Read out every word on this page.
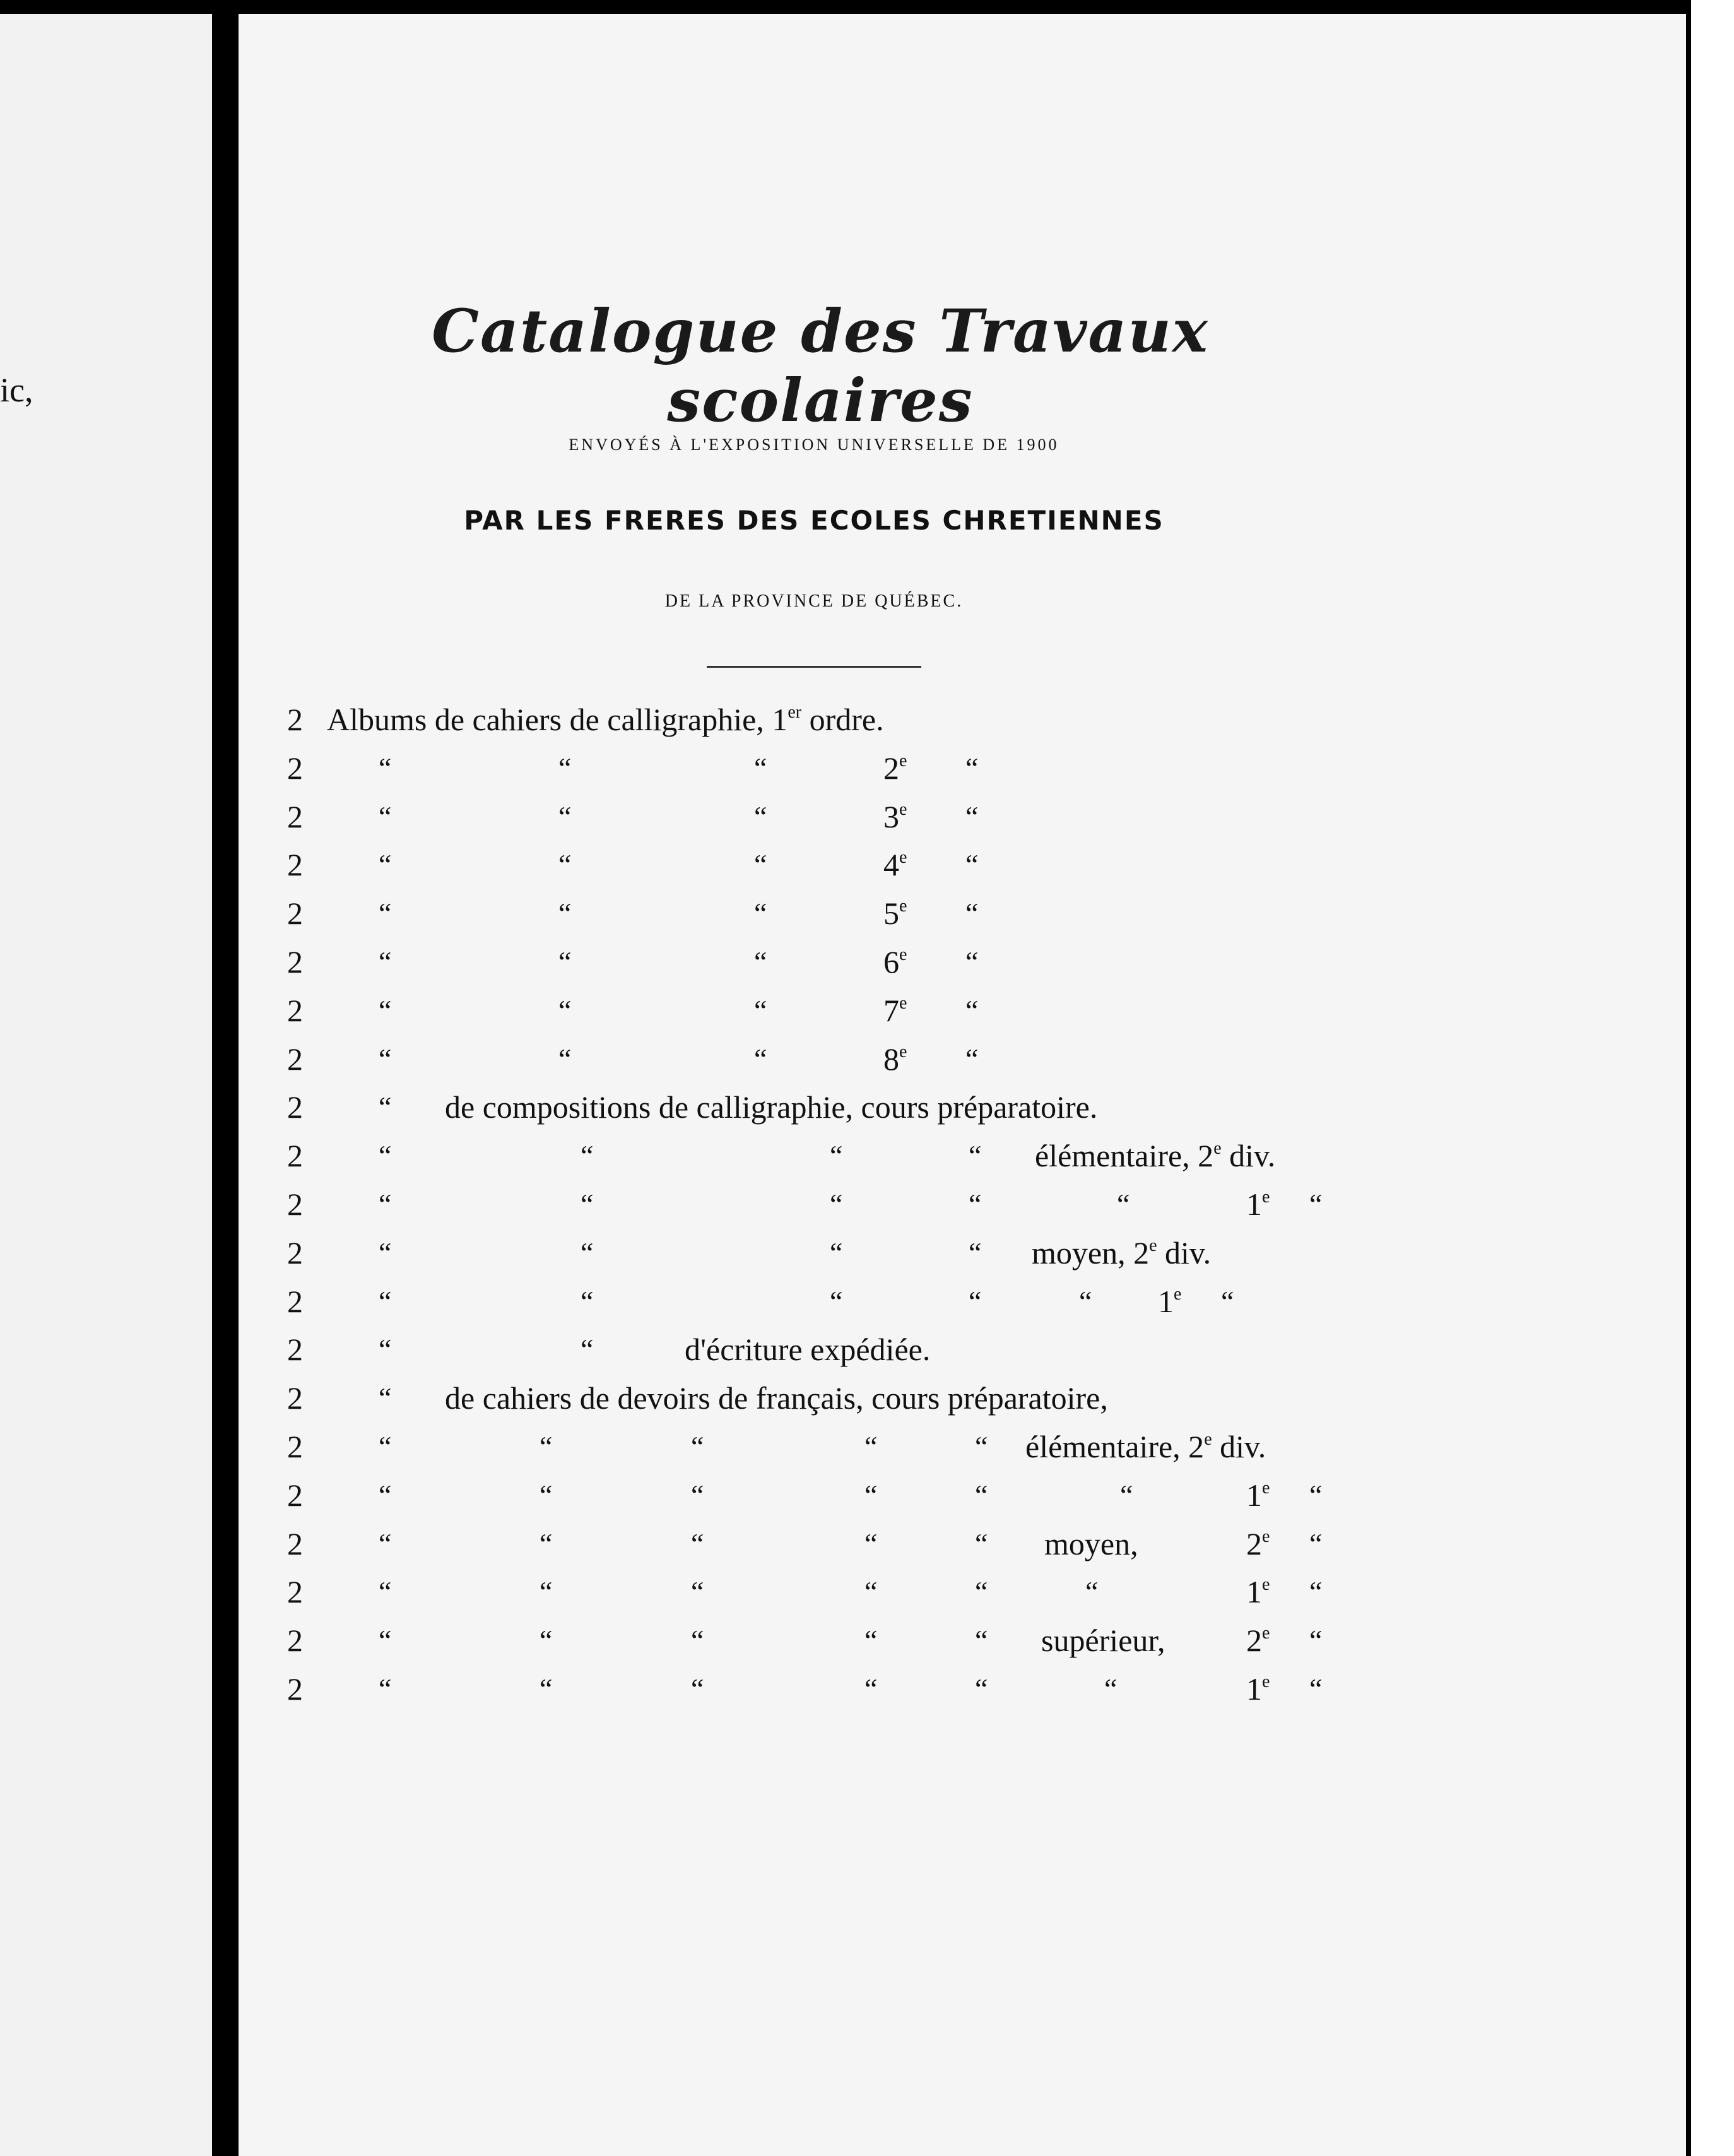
ic,
Catalogue des Travaux scolaires
ENVOYÉS À L'EXPOSITION UNIVERSELLE DE 1900
PAR LES FRERES DES ECOLES CHRETIENNES
DE LA PROVINCE DE QUÉBEC.
2 Albums de cahiers de calligraphie, 1er ordre.
2	“	“	“	2e “
2	“	“	“	3e “
2	“	“	“	4e “
2	“	“	“	5e “
2	“	“	“	6e “
2	“	“	“	7e “
2	“	“	“	8e “
2	“ de compositions de calligraphie, cours préparatoire.
2	“	“	“	“ élémentaire, 2e div.
2	“	“	“	“	“	1e “
2	“	“	“	“ moyen, 2e div.
2	“	“	“	“	“ 1e “
2	“	“	d'écriture expédiée.
2	“ de cahiers de devoirs de français, cours préparatoire,
2	“	“	“	“	“ élémentaire, 2e div.
2	“	“	“	“	“	“	1e “
2	“	“	“	“	“ moyen,	2e “
2	“	“	“	“	“	“	1e “
2	“	“	“	“	“ supérieur,	2e “
2	“	“	“	“	“	“	1e “
